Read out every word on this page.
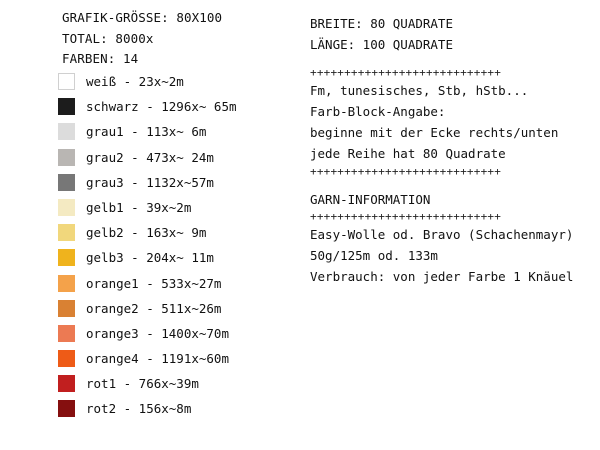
GRAFIK-GRÖSSE: 80X100
TOTAL: 8000x
FARBEN: 14
weiß - 23x~2m
schwarz - 1296x~ 65m
grau1 - 113x~ 6m
grau2 - 473x~ 24m
grau3 - 1132x~57m
gelb1 - 39x~2m
gelb2 - 163x~ 9m
gelb3 - 204x~ 11m
orange1 - 533x~27m
orange2 - 511x~26m
orange3 - 1400x~70m
orange4 - 1191x~60m
rot1 - 766x~39m
rot2 - 156x~8m
BREITE: 80 QUADRATE
LÄNGE: 100 QUADRATE
++++++++++++++++++++++++++++
Fm, tunesisches, Stb, hStb...
Farb-Block-Angabe:
beginne mit der Ecke rechts/unten
jede Reihe hat 80 Quadrate
++++++++++++++++++++++++++++
GARN-INFORMATION
++++++++++++++++++++++++++++
Easy-Wolle od. Bravo (Schachenmayr)
50g/125m od. 133m
Verbrauch: von jeder Farbe 1 Knäuel
